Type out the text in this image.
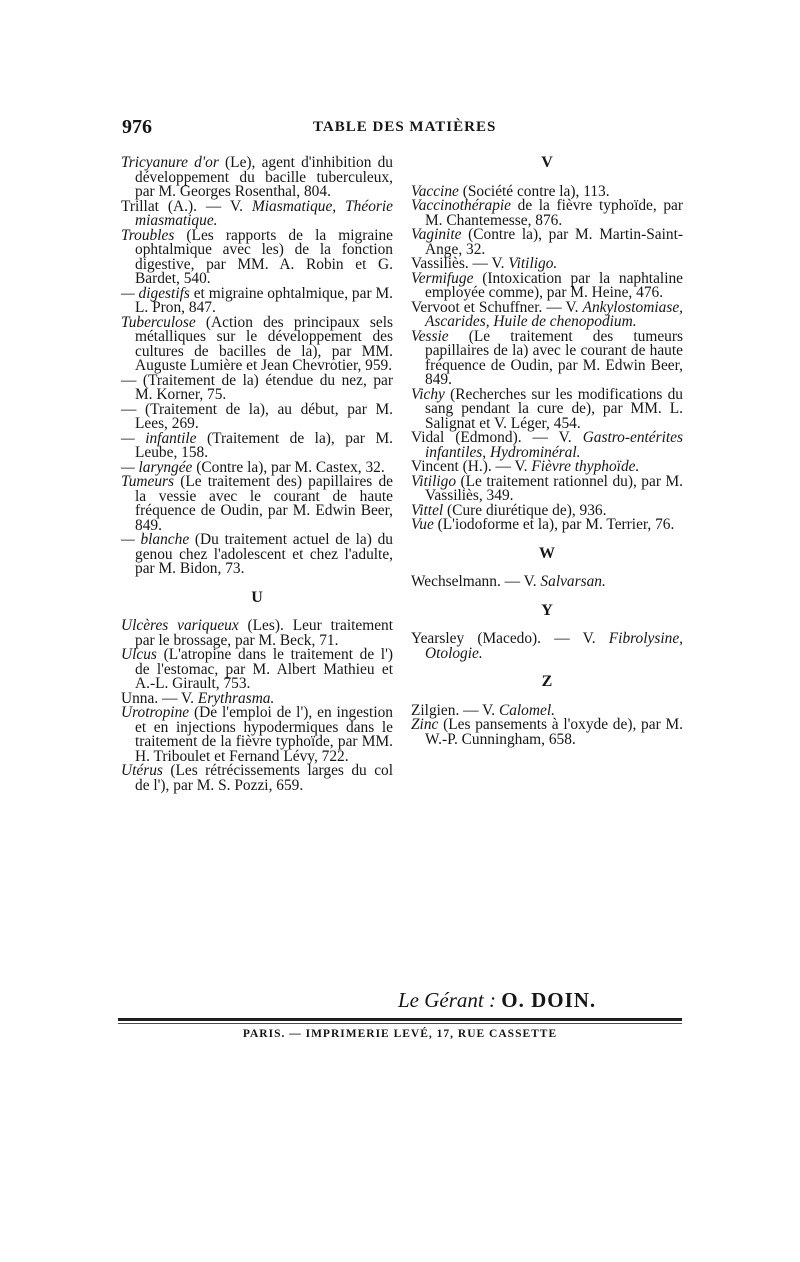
976	TABLE DES MATIÈRES

Tricyanure d'or (Le), agent d'inhibition du développement du bacille tuberculeux, par M. Georges Rosenthal, 804.

Trillat (A.). — V. Miasmatique, Théorie miasmatique.

Troubles (Les rapports de la migraine ophtalmique avec les) de la fonction digestive, par MM. A. Robin et G. Bardet, 540.

— digestifs et migraine ophtalmique, par M. L. Pron, 847.

Tuberculose (Action des principaux sels métalliques sur le développement des cultures de bacilles de la), par MM. Auguste Lumière et Jean Chevrotier, 959.

— (Traitement de la) étendue du nez, par M. Korner, 75.

— (Traitement de la), au début, par M. Lees, 269.

— infantile (Traitement de la), par M. Leube, 158.

— laryngée (Contre la), par M. Castex, 32.

Tumeurs (Le traitement des) papillaires de la vessie avec le courant de haute fréquence de Oudin, par M. Edwin Beer, 849.

— blanche (Du traitement actuel de la) du genou chez l'adolescent et chez l'adulte, par M. Bidon, 73.

U

Ulcères variqueux (Les). Leur traitement par le brossage, par M. Beck, 71.

Ulcus (L'atropine dans le traitement de l') de l'estomac, par M. Albert Mathieu et A.-L. Girault, 753.

Unna. — V. Erythrasma.

Urotropine (De l'emploi de l'), en ingestion et en injections hypodermiques dans le traitement de la fièvre typhoïde, par MM. H. Triboulet et Fernand Lévy, 722.

Utérus (Les rétrécissements larges du col de l'), par M. S. Pozzi, 659.

V

Vaccine (Société contre la), 113.

Vaccinothérapie de la fièvre typhoïde, par M. Chantemesse, 876.

Vaginite (Contre la), par M. Martin-Saint-Ange, 32.

Vassiliès. — V. Vitiligo.

Vermifuge (Intoxication par la naphtaline employée comme), par M. Heine, 476.

Vervoot et Schuffner. — V. Ankylostomiase, Ascarides, Huile de chenopodium.

Vessie (Le traitement des tumeurs papillaires de la) avec le courant de haute fréquence de Oudin, par M. Edwin Beer, 849.

Vichy (Recherches sur les modifications du sang pendant la cure de), par MM. L. Salignat et V. Léger, 454.

Vidal (Edmond). — V. Gastro-entérites infantiles, Hydrominéral.

Vincent (H.). — V. Fièvre thyphoïde.

Vitiligo (Le traitement rationnel du), par M. Vassiliès, 349.

Vittel (Cure diurétique de), 936.

Vue (L'iodoforme et la), par M. Terrier, 76.

W

Wechselmann. — V. Salvarsan.

Y

Yearsley (Macedo). — V. Fibrolysine, Otologie.

Z

Zilgien. — V. Calomel.

Zinc (Les pansements à l'oxyde de), par M. W.-P. Cunningham, 658.

Le Gérant : O. DOIN.
PARIS. — IMPRIMERIE LEVÉ, 17, RUE CASSETTE
